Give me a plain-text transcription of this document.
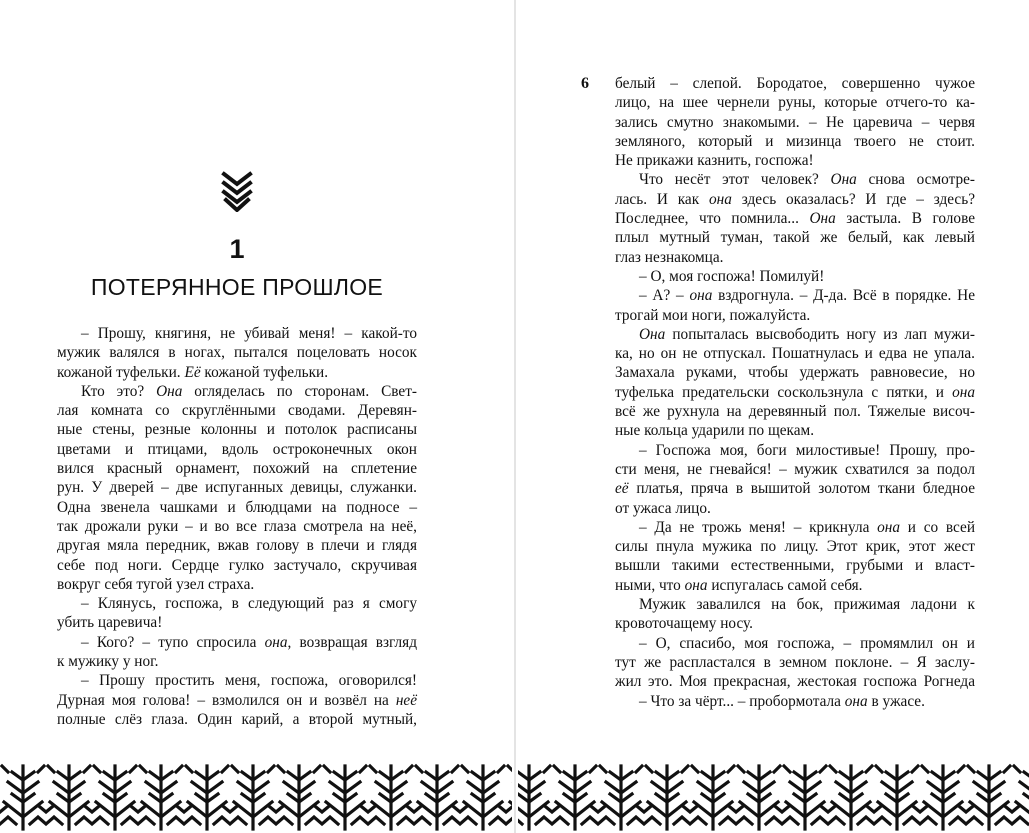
1
ПОТЕРЯННОЕ ПРОШЛОЕ
– Прошу, княгиня, не убивай меня! – какой-то
мужик валялся в ногах, пытался поцеловать носок
кожаной туфельки. Её кожаной туфельки.
Кто это? Она огляделась по сторонам. Свет-
лая комната со скруглёнными сводами. Деревян-
ные стены, резные колонны и потолок расписаны
цветами и птицами, вдоль остроконечных окон
вился красный орнамент, похожий на сплетение
рун. У дверей – две испуганных девицы, служанки.
Одна звенела чашками и блюдцами на подносе –
так дрожали руки – и во все глаза смотрела на неё,
другая мяла передник, вжав голову в плечи и глядя
себе под ноги. Сердце гулко застучало, скручивая
вокруг себя тугой узел страха.
– Клянусь, госпожа, в следующий раз я смогу
убить царевича!
– Кого? – тупо спросила она, возвращая взгляд
к мужику у ног.
– Прошу простить меня, госпожа, оговорился!
Дурная моя голова! – взмолился он и возвёл на неё
полные слёз глаза. Один карий, а второй мутный,
6 белый – слепой. Бородатое, совершенно чужое
лицо, на шее чернели руны, которые отчего-то ка-
зались смутно знакомыми. – Не царевича – червя
земляного, который и мизинца твоего не стоит.
Не прикажи казнить, госпожа!
Что несёт этот человек? Она снова осмотре-
лась. И как она здесь оказалась? И где – здесь?
Последнее, что помнила... Она застыла. В голове
плыл мутный туман, такой же белый, как левый
глаз незнакомца.
– О, моя госпожа! Помилуй!
– А? – она вздрогнула. – Д-да. Всё в порядке. Не
трогай мои ноги, пожалуйста.
Она попыталась высвободить ногу из лап мужи-
ка, но он не отпускал. Пошатнулась и едва не упала.
Замахала руками, чтобы удержать равновесие, но
туфелька предательски соскользнула с пятки, и она
всё же рухнула на деревянный пол. Тяжелые височ-
ные кольца ударили по щекам.
– Госпожа моя, боги милостивые! Прошу, про-
сти меня, не гневайся! – мужик схватился за подол
её платья, пряча в вышитой золотом ткани бледное
от ужаса лицо.
– Да не трожь меня! – крикнула она и со всей
силы пнула мужика по лицу. Этот крик, этот жест
вышли такими естественными, грубыми и власт-
ными, что она испугалась самой себя.
Мужик завалился на бок, прижимая ладони к
кровоточащему носу.
– О, спасибо, моя госпожа, – промямлил он и
тут же распластался в земном поклоне. – Я заслу-
жил это. Моя прекрасная, жестокая госпожа Рогнеда
– Что за чёрт... – пробормотала она в ужасе.
